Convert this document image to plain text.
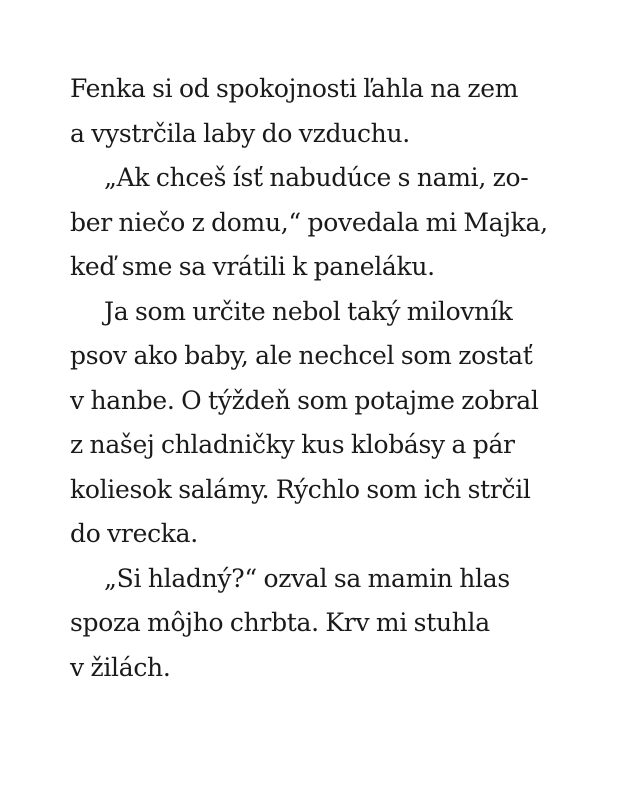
Fenka si od spokojnosti ľahla na zem
a vystrčila laby do vzduchu.
„Ak chceš ísť nabudúce s nami, zo-
ber niečo z domu,“ povedala mi Majka,
keď sme sa vrátili k paneláku.
Ja som určite nebol taký milovník
psov ako baby, ale nechcel som zostať
v hanbe. O týždeň som potajme zobral
z našej chladničky kus klobásy a pár
koliesok salámy. Rýchlo som ich strčil
do vrecka.
„Si hladný?“ ozval sa mamin hlas
spoza môjho chrbta. Krv mi stuhla
v žilách.
